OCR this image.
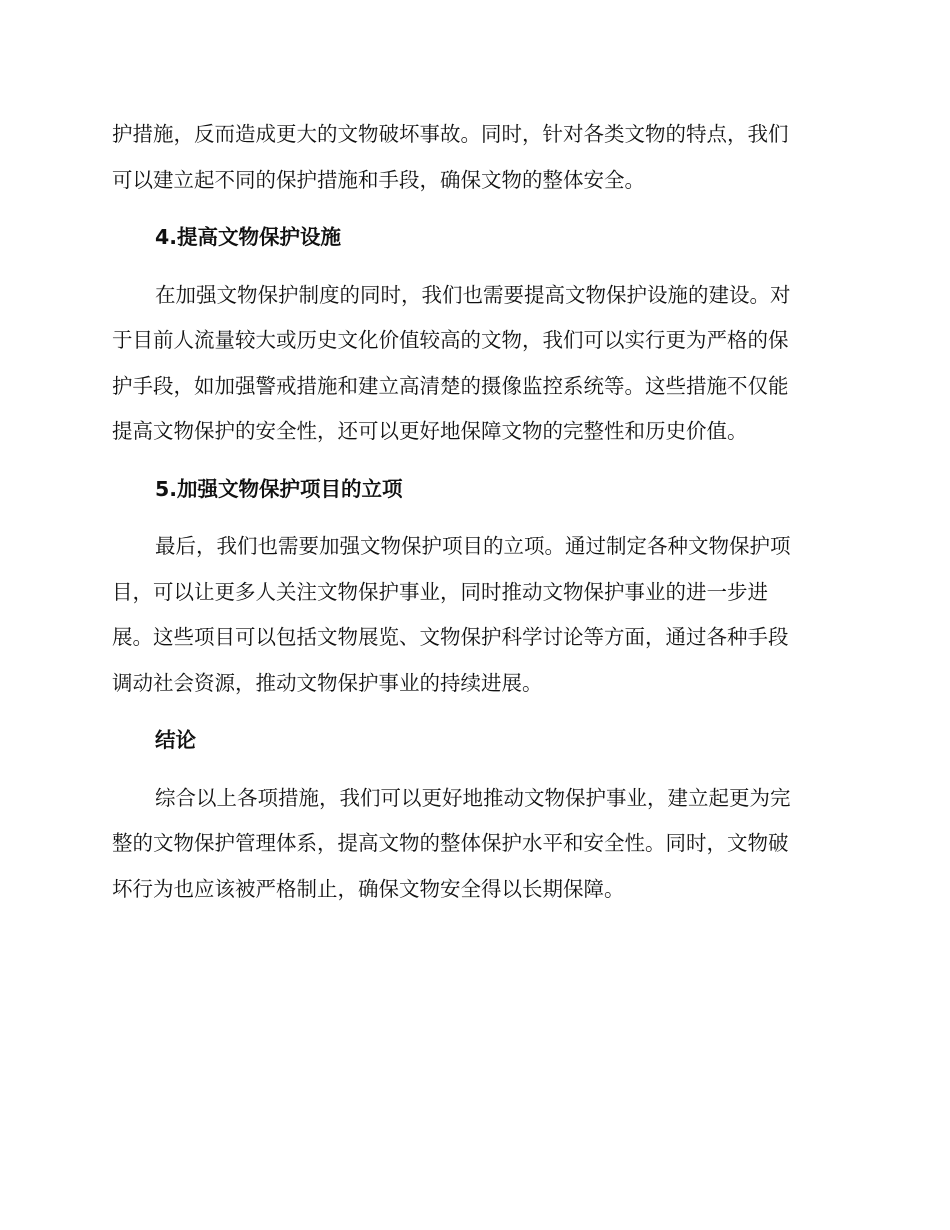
护措施，反而造成更大的文物破坏事故。同时，针对各类文物的特点，我们
可以建立起不同的保护措施和手段，确保文物的整体安全。
4.提高文物保护设施
在加强文物保护制度的同时，我们也需要提高文物保护设施的建设。对
于目前人流量较大或历史文化价值较高的文物，我们可以实行更为严格的保
护手段，如加强警戒措施和建立高清楚的摄像监控系统等。这些措施不仅能
提高文物保护的安全性，还可以更好地保障文物的完整性和历史价值。
5.加强文物保护项目的立项
最后，我们也需要加强文物保护项目的立项。通过制定各种文物保护项
目，可以让更多人关注文物保护事业，同时推动文物保护事业的进一步进
展。这些项目可以包括文物展览、文物保护科学讨论等方面，通过各种手段
调动社会资源，推动文物保护事业的持续进展。
结论
综合以上各项措施，我们可以更好地推动文物保护事业，建立起更为完
整的文物保护管理体系，提高文物的整体保护水平和安全性。同时，文物破
坏行为也应该被严格制止，确保文物安全得以长期保障。
